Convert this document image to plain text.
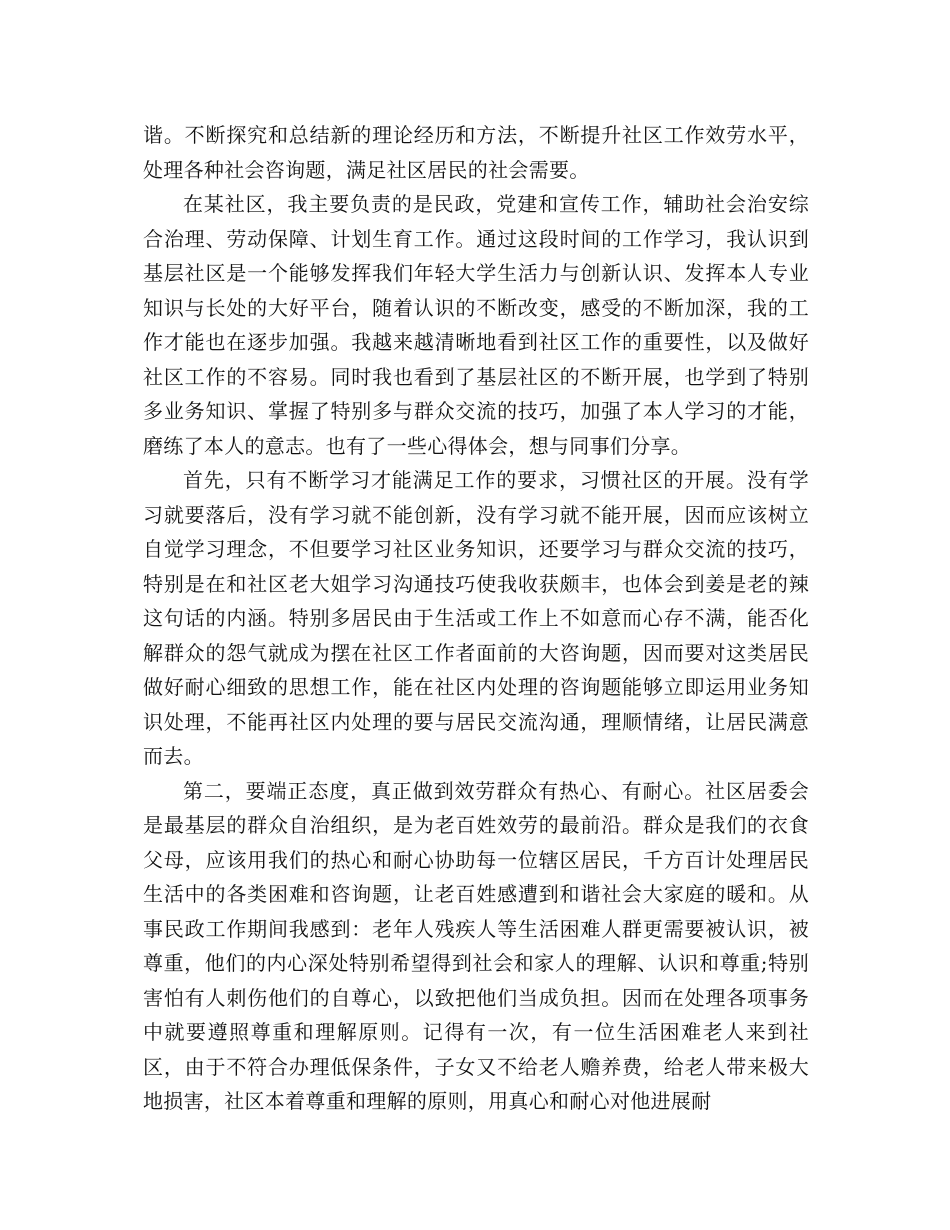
谐。不断探究和总结新的理论经历和方法，不断提升社区工作效劳水平，处理各种社会咨询题，满足社区居民的社会需要。

在某社区，我主要负责的是民政，党建和宣传工作，辅助社会治安综合治理、劳动保障、计划生育工作。通过这段时间的工作学习，我认识到基层社区是一个能够发挥我们年轻大学生活力与创新认识、发挥本人专业知识与长处的大好平台，随着认识的不断改变，感受的不断加深，我的工作才能也在逐步加强。我越来越清晰地看到社区工作的重要性，以及做好社区工作的不容易。同时我也看到了基层社区的不断开展，也学到了特别多业务知识、掌握了特别多与群众交流的技巧，加强了本人学习的才能，磨练了本人的意志。也有了一些心得体会，想与同事们分享。

首先，只有不断学习才能满足工作的要求，习惯社区的开展。没有学习就要落后，没有学习就不能创新，没有学习就不能开展，因而应该树立自觉学习理念，不但要学习社区业务知识，还要学习与群众交流的技巧，特别是在和社区老大姐学习沟通技巧使我收获颇丰，也体会到姜是老的辣这句话的内涵。特别多居民由于生活或工作上不如意而心存不满，能否化解群众的怨气就成为摆在社区工作者面前的大咨询题，因而要对这类居民做好耐心细致的思想工作，能在社区内处理的咨询题能够立即运用业务知识处理，不能再社区内处理的要与居民交流沟通，理顺情绪，让居民满意而去。

第二，要端正态度，真正做到效劳群众有热心、有耐心。社区居委会是最基层的群众自治组织，是为老百姓效劳的最前沿。群众是我们的衣食父母，应该用我们的热心和耐心协助每一位辖区居民，千方百计处理居民生活中的各类困难和咨询题，让老百姓感遭到和谐社会大家庭的暖和。从事民政工作期间我感到：老年人残疾人等生活困难人群更需要被认识，被尊重，他们的内心深处特别希望得到社会和家人的理解、认识和尊重;特别害怕有人刺伤他们的自尊心，以致把他们当成负担。因而在处理各项事务中就要遵照尊重和理解原则。记得有一次，有一位生活困难老人来到社区，由于不符合办理低保条件，子女又不给老人赡养费，给老人带来极大地损害，社区本着尊重和理解的原则，用真心和耐心对他进展耐
